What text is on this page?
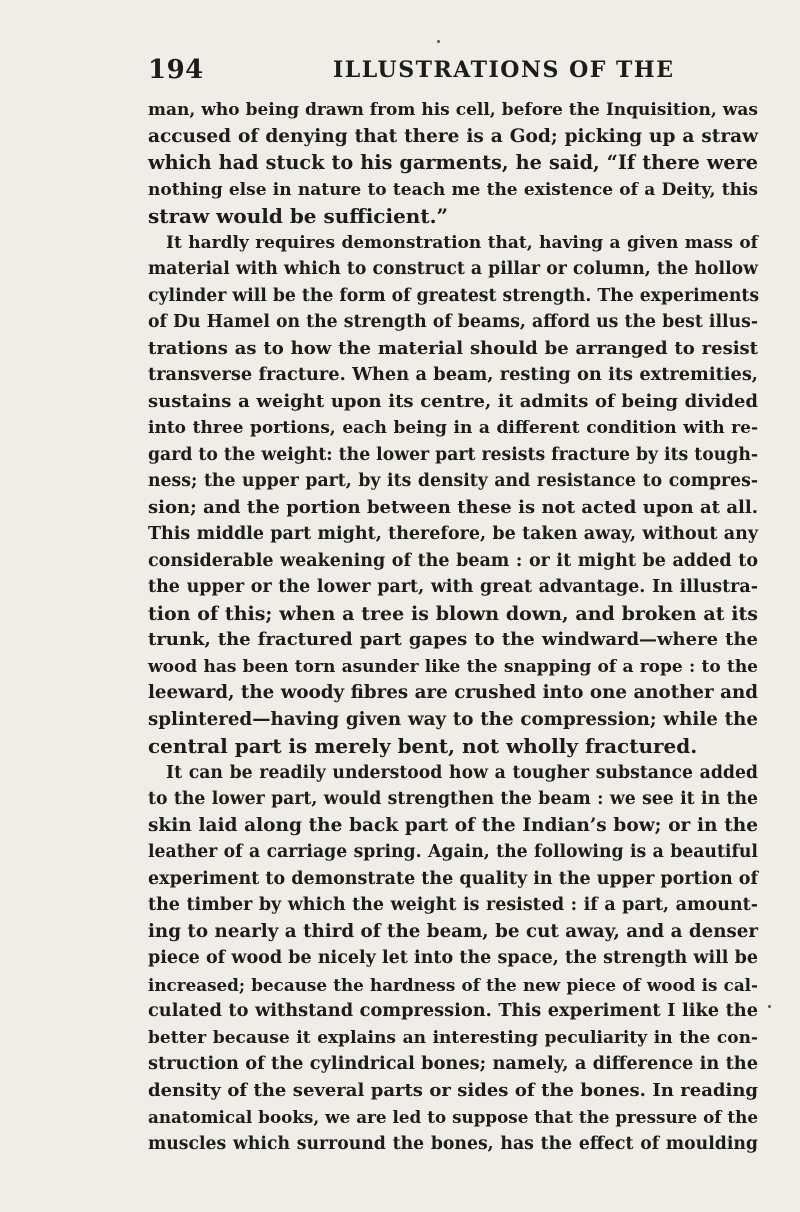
194	ILLUSTRATIONS OF THE
man, who being drawn from his cell, before the Inquisition, was
accused of denying that there is a God; picking up a straw
which had stuck to his garments, he said, “If there were
nothing else in nature to teach me the existence of a Deity, this
straw would be sufficient.”
It hardly requires demonstration that, having a given mass of
material with which to construct a pillar or column, the hollow
cylinder will be the form of greatest strength. The experiments
of Du Hamel on the strength of beams, afford us the best illus-
trations as to how the material should be arranged to resist
transverse fracture. When a beam, resting on its extremities,
sustains a weight upon its centre, it admits of being divided
into three portions, each being in a different condition with re-
gard to the weight: the lower part resists fracture by its tough-
ness; the upper part, by its density and resistance to compres-
sion; and the portion between these is not acted upon at all.
This middle part might, therefore, be taken away, without any
considerable weakening of the beam : or it might be added to
the upper or the lower part, with great advantage. In illustra-
tion of this; when a tree is blown down, and broken at its
trunk, the fractured part gapes to the windward—where the
wood has been torn asunder like the snapping of a rope : to the
leeward, the woody fibres are crushed into one another and
splintered—having given way to the compression; while the
central part is merely bent, not wholly fractured.
It can be readily understood how a tougher substance added
to the lower part, would strengthen the beam : we see it in the
skin laid along the back part of the Indian’s bow; or in the
leather of a carriage spring. Again, the following is a beautiful
experiment to demonstrate the quality in the upper portion of
the timber by which the weight is resisted : if a part, amount-
ing to nearly a third of the beam, be cut away, and a denser
piece of wood be nicely let into the space, the strength will be
increased; because the hardness of the new piece of wood is cal-
culated to withstand compression. This experiment I like the
better because it explains an interesting peculiarity in the con-
struction of the cylindrical bones; namely, a difference in the
density of the several parts or sides of the bones. In reading
anatomical books, we are led to suppose that the pressure of the
muscles which surround the bones, has the effect of moulding
